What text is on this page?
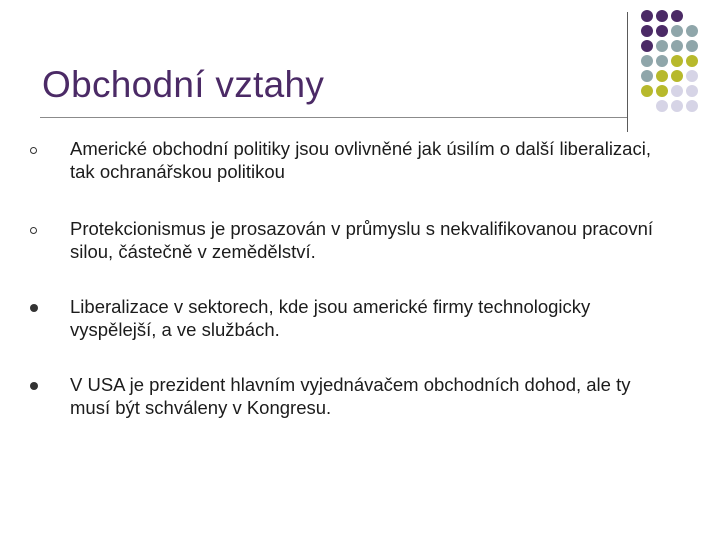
Obchodní vztahy
Americké obchodní politiky jsou ovlivněné jak úsilím o další liberalizaci, tak ochranářskou politikou
Protekcionismus je prosazován v průmyslu s nekvalifikovanou pracovní silou, částečně v zemědělství.
Liberalizace v sektorech, kde jsou americké firmy technologicky vyspělejší, a ve službách.
V USA je prezident hlavním vyjednávačem obchodních dohod, ale ty musí být schváleny v Kongresu.
